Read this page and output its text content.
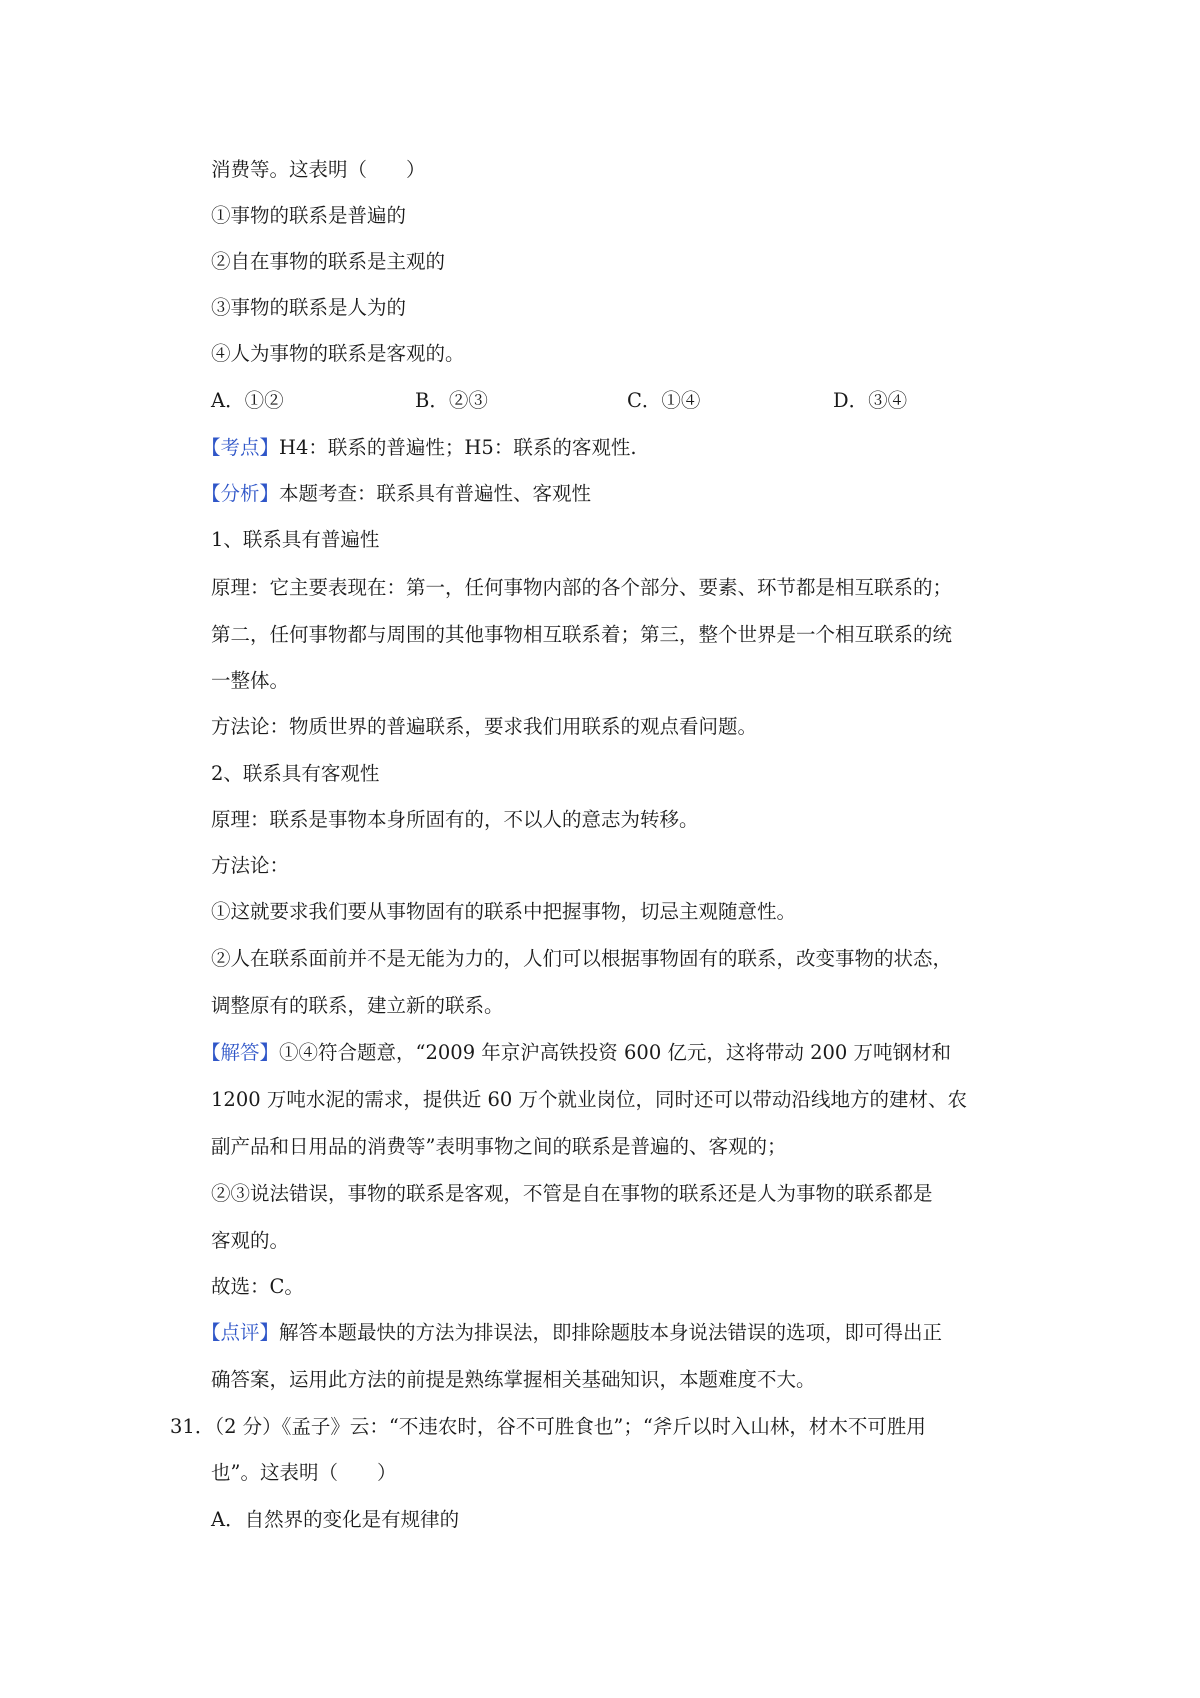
消费等。这表明（　　）
①事物的联系是普遍的
②自在事物的联系是主观的
③事物的联系是人为的
④人为事物的联系是客观的。
A．①②	B．②③	C．①④	D．③④
【考点】H4：联系的普遍性；H5：联系的客观性.
【分析】本题考查：联系具有普遍性、客观性
1、联系具有普遍性
原理：它主要表现在：第一，任何事物内部的各个部分、要素、环节都是相互联系的；
第二，任何事物都与周围的其他事物相互联系着；第三，整个世界是一个相互联系的统
一整体。
方法论：物质世界的普遍联系，要求我们用联系的观点看问题。
2、联系具有客观性
原理：联系是事物本身所固有的，不以人的意志为转移。
方法论：
①这就要求我们要从事物固有的联系中把握事物，切忌主观随意性。
②人在联系面前并不是无能为力的，人们可以根据事物固有的联系，改变事物的状态，
调整原有的联系，建立新的联系。
【解答】①④符合题意，“2009 年京沪高铁投资 600 亿元，这将带动 200 万吨钢材和
1200 万吨水泥的需求，提供近 60 万个就业岗位，同时还可以带动沿线地方的建材、农
副产品和日用品的消费等”表明事物之间的联系是普遍的、客观的；
②③说法错误，事物的联系是客观，不管是自在事物的联系还是人为事物的联系都是
客观的。
故选：C。
【点评】解答本题最快的方法为排误法，即排除题肢本身说法错误的选项，即可得出正
确答案，运用此方法的前提是熟练掌握相关基础知识，本题难度不大。
31．（2 分）《孟子》云：“不违农时，谷不可胜食也”；“斧斤以时入山林，材木不可胜用
也”。这表明（　　）
A．自然界的变化是有规律的
